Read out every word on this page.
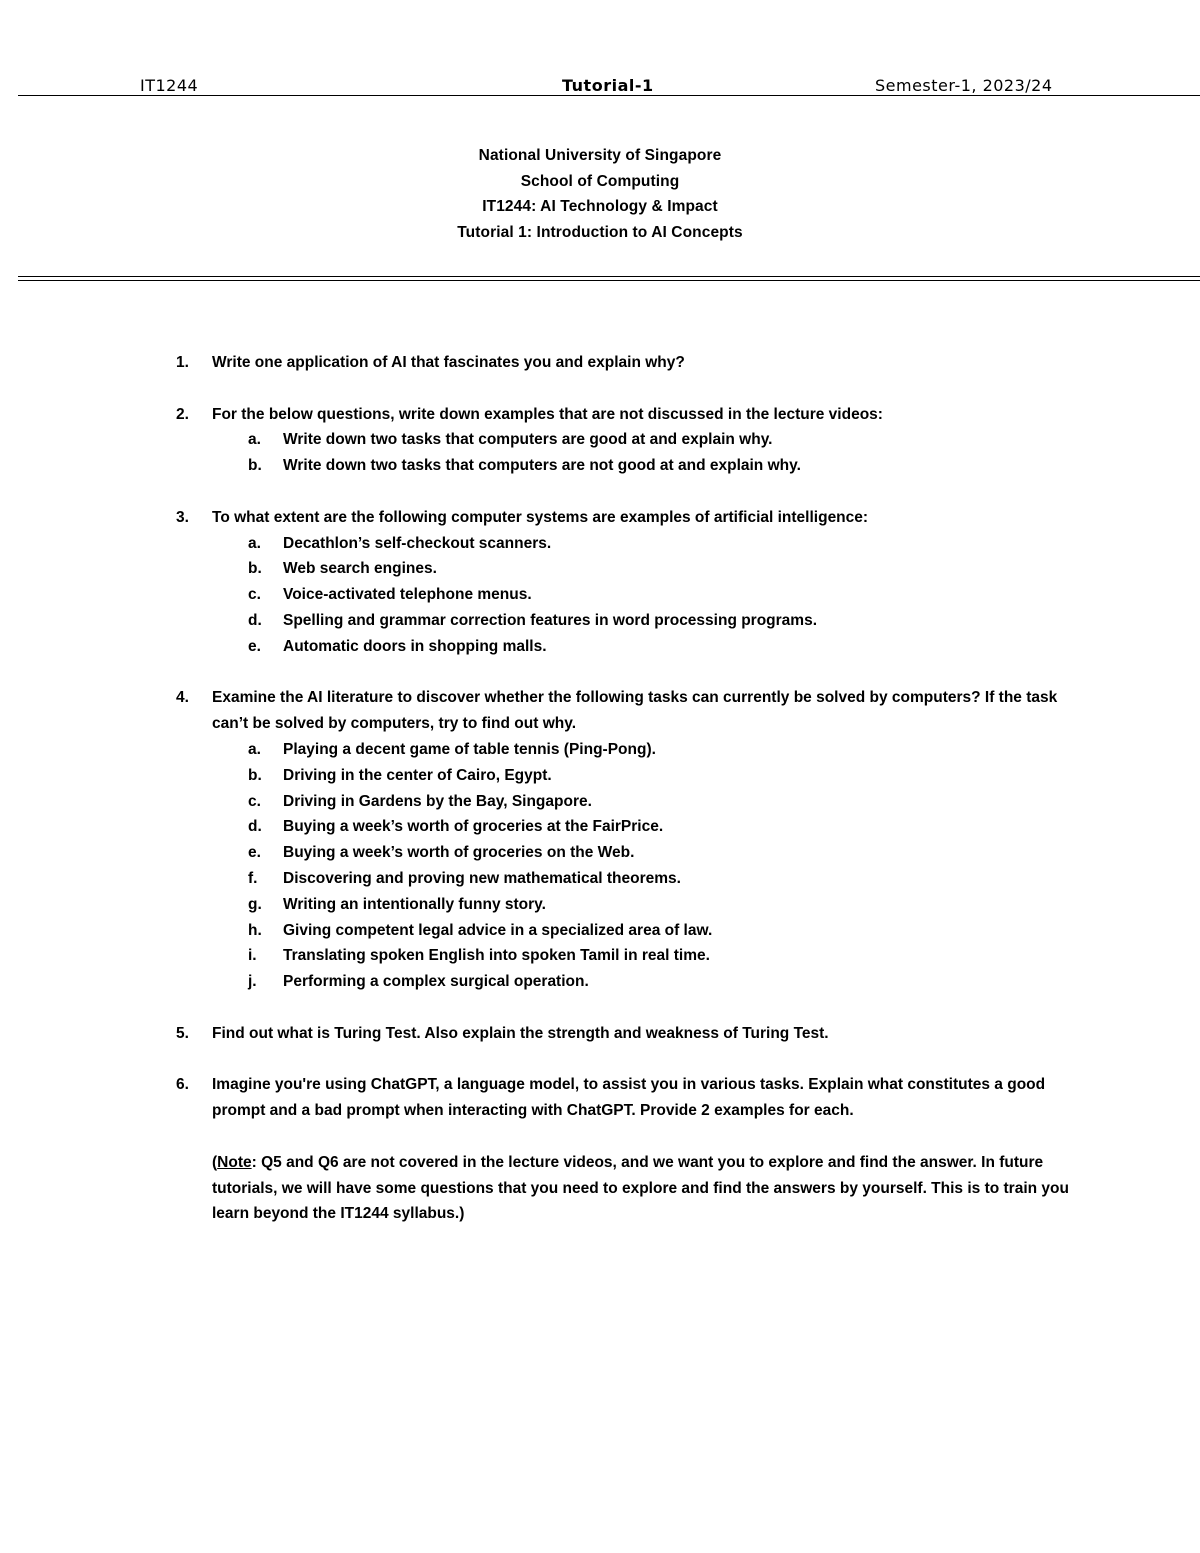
IT1244	Tutorial-1	Semester-1, 2023/24
National University of Singapore
School of Computing
IT1244: AI Technology & Impact
Tutorial 1: Introduction to AI Concepts
1. Write one application of AI that fascinates you and explain why?
2. For the below questions, write down examples that are not discussed in the lecture videos:
a. Write down two tasks that computers are good at and explain why.
b. Write down two tasks that computers are not good at and explain why.
3. To what extent are the following computer systems are examples of artificial intelligence:
a. Decathlon’s self-checkout scanners.
b. Web search engines.
c. Voice-activated telephone menus.
d. Spelling and grammar correction features in word processing programs.
e. Automatic doors in shopping malls.
4. Examine the AI literature to discover whether the following tasks can currently be solved by computers? If the task can’t be solved by computers, try to find out why.
a. Playing a decent game of table tennis (Ping-Pong).
b. Driving in the center of Cairo, Egypt.
c. Driving in Gardens by the Bay, Singapore.
d. Buying a week’s worth of groceries at the FairPrice.
e. Buying a week’s worth of groceries on the Web.
f. Discovering and proving new mathematical theorems.
g. Writing an intentionally funny story.
h. Giving competent legal advice in a specialized area of law.
i. Translating spoken English into spoken Tamil in real time.
j. Performing a complex surgical operation.
5. Find out what is Turing Test. Also explain the strength and weakness of Turing Test.
6. Imagine you're using ChatGPT, a language model, to assist you in various tasks. Explain what constitutes a good prompt and a bad prompt when interacting with ChatGPT. Provide 2 examples for each.
(Note: Q5 and Q6 are not covered in the lecture videos, and we want you to explore and find the answer. In future tutorials, we will have some questions that you need to explore and find the answers by yourself. This is to train you learn beyond the IT1244 syllabus.)
